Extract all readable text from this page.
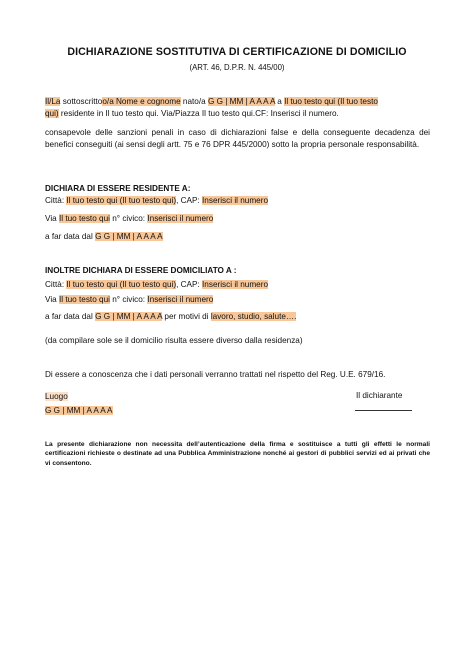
DICHIARAZIONE SOSTITUTIVA DI CERTIFICAZIONE DI DOMICILIO
(ART. 46, D.P.R. N. 445/00)
Il/La sottoscrittoo/a Nome e cognome nato/a G G | MM | A A A A a Il tuo testo qui (Il tuo testo
qui) residente in Il tuo testo qui. Via/Piazza Il tuo testo qui.CF: Inserisci il numero.
consapevole delle sanzioni penali in caso di dichiarazioni false e della conseguente decadenza dei benefici conseguiti (ai sensi degli artt. 75 e 76 DPR 445/2000) sotto la propria personale responsabilità.
DICHIARA DI ESSERE RESIDENTE A:
Città: Il tuo testo qui (Il tuo testo qui), CAP: Inserisci il numero
Via Il tuo testo qui n° civico: Inserisci il numero
a far data dal G G | MM | A A A A
INOLTRE DICHIARA DI ESSERE DOMICILIATO A :
Città: Il tuo testo qui (Il tuo testo qui), CAP: Inserisci il numero
Via Il tuo testo qui n° civico: Inserisci il numero
a far data dal G G | MM | A A A A per motivi di lavoro, studio, salute….
(da compilare sole se il domicilio risulta essere diverso dalla residenza)
Di essere a conoscenza che i dati personali verranno trattati nel rispetto del Reg. U.E. 679/16.
Luogo
G G | MM | A A A A
Il dichiarante
La presente dichiarazione non necessita dell’autenticazione della firma e sostituisce a tutti gli effetti le normali certificazioni richieste o destinate ad una Pubblica Amministrazione nonché ai gestori di pubblici servizi ed ai privati che vi consentono.
